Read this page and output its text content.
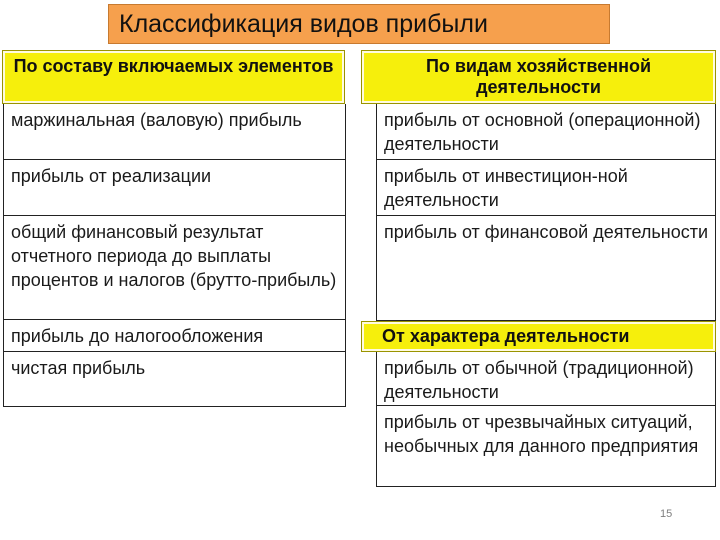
Классификация видов прибыли
По составу включаемых элементов	По видам хозяйственной деятельности
маржинальная (валовую) прибыль
прибыль от реализации
общий финансовый результат отчетного периода до выплаты процентов и налогов (брутто-прибыль)
прибыль до налогообложения
чистая прибыль
прибыль от основной (операционной) деятельности
прибыль от инвестицион-ной деятельности
прибыль от финансовой деятельности
От характера деятельности
прибыль от обычной (традиционной) деятельности
прибыль от чрезвычайных ситуаций, необычных для данного предприятия
15
